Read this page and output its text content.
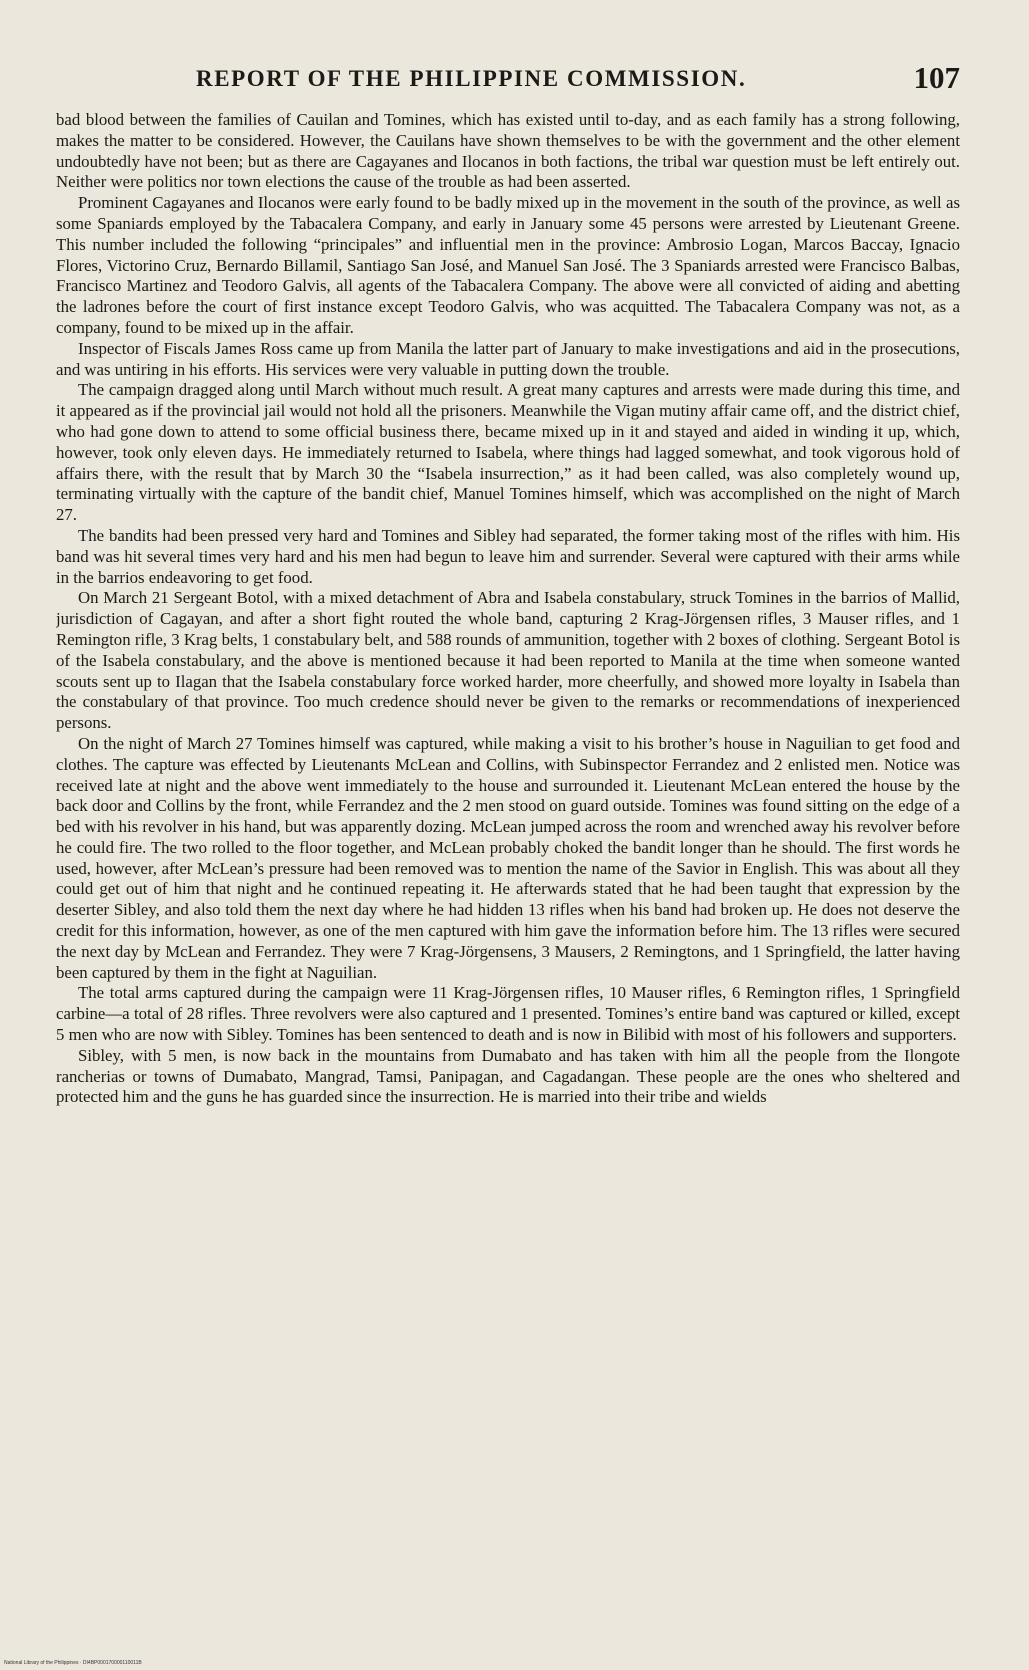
REPORT OF THE PHILIPPINE COMMISSION.	107

bad blood between the families of Cauilan and Tomines, which has existed until to-day, and as each family has a strong following, makes the matter to be considered. However, the Cauilans have shown themselves to be with the government and the other element undoubtedly have not been; but as there are Cagayanes and Ilocanos in both factions, the tribal war question must be left entirely out. Neither were politics nor town elections the cause of the trouble as had been asserted.

Prominent Cagayanes and Ilocanos were early found to be badly mixed up in the movement in the south of the province, as well as some Spaniards employed by the Tabacalera Company, and early in January some 45 persons were arrested by Lieutenant Greene. This number included the following “principales” and influential men in the province: Ambrosio Logan, Marcos Baccay, Ignacio Flores, Victorino Cruz, Bernardo Billamil, Santiago San José, and Manuel San José. The 3 Spaniards arrested were Francisco Balbas, Francisco Martinez and Teodoro Galvis, all agents of the Tabacalera Company. The above were all convicted of aiding and abetting the ladrones before the court of first instance except Teodoro Galvis, who was acquitted. The Tabacalera Company was not, as a company, found to be mixed up in the affair.

Inspector of Fiscals James Ross came up from Manila the latter part of January to make investigations and aid in the prosecutions, and was untiring in his efforts. His services were very valuable in putting down the trouble.

The campaign dragged along until March without much result. A great many captures and arrests were made during this time, and it appeared as if the provincial jail would not hold all the prisoners. Meanwhile the Vigan mutiny affair came off, and the district chief, who had gone down to attend to some official business there, became mixed up in it and stayed and aided in winding it up, which, however, took only eleven days. He immediately returned to Isabela, where things had lagged somewhat, and took vigorous hold of affairs there, with the result that by March 30 the “Isabela insurrection,” as it had been called, was also completely wound up, terminating virtually with the capture of the bandit chief, Manuel Tomines himself, which was accomplished on the night of March 27.

The bandits had been pressed very hard and Tomines and Sibley had separated, the former taking most of the rifles with him. His band was hit several times very hard and his men had begun to leave him and surrender. Several were captured with their arms while in the barrios endeavoring to get food.

On March 21 Sergeant Botol, with a mixed detachment of Abra and Isabela constabulary, struck Tomines in the barrios of Mallid, jurisdiction of Cagayan, and after a short fight routed the whole band, capturing 2 Krag-Jörgensen rifles, 3 Mauser rifles, and 1 Remington rifle, 3 Krag belts, 1 constabulary belt, and 588 rounds of ammunition, together with 2 boxes of clothing. Sergeant Botol is of the Isabela constabulary, and the above is mentioned because it had been reported to Manila at the time when someone wanted scouts sent up to Ilagan that the Isabela constabulary force worked harder, more cheerfully, and showed more loyalty in Isabela than the constabulary of that province. Too much credence should never be given to the remarks or recommendations of inexperienced persons.

On the night of March 27 Tomines himself was captured, while making a visit to his brother’s house in Naguilian to get food and clothes. The capture was effected by Lieutenants McLean and Collins, with Subinspector Ferrandez and 2 enlisted men. Notice was received late at night and the above went immediately to the house and surrounded it. Lieutenant McLean entered the house by the back door and Collins by the front, while Ferrandez and the 2 men stood on guard outside. Tomines was found sitting on the edge of a bed with his revolver in his hand, but was apparently dozing. McLean jumped across the room and wrenched away his revolver before he could fire. The two rolled to the floor together, and McLean probably choked the bandit longer than he should. The first words he used, however, after McLean’s pressure had been removed was to mention the name of the Savior in English. This was about all they could get out of him that night and he continued repeating it. He afterwards stated that he had been taught that expression by the deserter Sibley, and also told them the next day where he had hidden 13 rifles when his band had broken up. He does not deserve the credit for this information, however, as one of the men captured with him gave the information before him. The 13 rifles were secured the next day by McLean and Ferrandez. They were 7 Krag-Jörgensens, 3 Mausers, 2 Remingtons, and 1 Springfield, the latter having been captured by them in the fight at Naguilian.

The total arms captured during the campaign were 11 Krag-Jörgensen rifles, 10 Mauser rifles, 6 Remington rifles, 1 Springfield carbine—a total of 28 rifles. Three revolvers were also captured and 1 presented. Tomines’s entire band was captured or killed, except 5 men who are now with Sibley. Tomines has been sentenced to death and is now in Bilibid with most of his followers and supporters.

Sibley, with 5 men, is now back in the mountains from Dumabato and has taken with him all the people from the Ilongote rancherias or towns of Dumabato, Mangrad, Tamsi, Panipagan, and Cagadangan. These people are the ones who sheltered and protected him and the guns he has guarded since the insurrection. He is married into their tribe and wields

National Library of the Philippines · DI4BP000170000110011B
